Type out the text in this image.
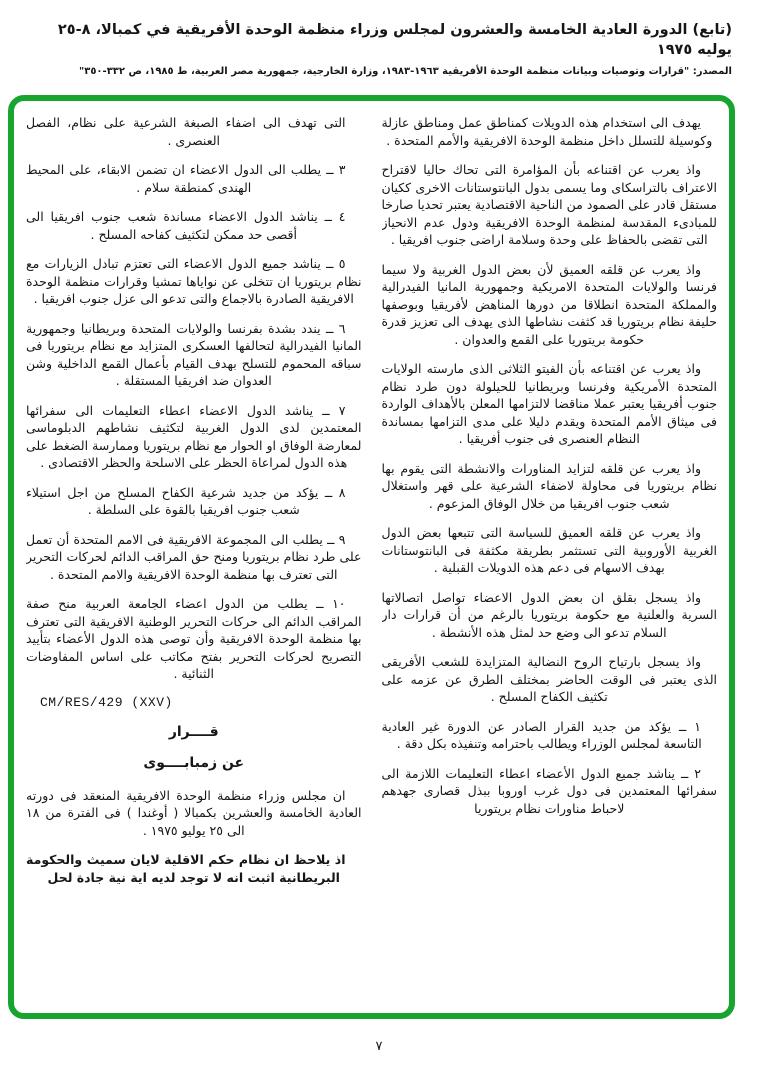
(تابع) الدورة العادية الخامسة والعشرون لمجلس وزراء منظمة الوحدة الأفريقية في كمبالا، ٨-٢٥ يوليه ١٩٧٥
المصدر: "قرارات وتوصيات وبيانات منظمة الوحدة الأفريقية ١٩٦٣-١٩٨٣، وزارة الخارجية، جمهورية مصر العربية، ط ١٩٨٥، ص ٣٣٢-٣٥٠"

يهدف الى استخدام هذه الدويلات كمناطق عمل ومناطق عازلة وكوسيلة للتسلل داخل منظمة الوحدة الافريقية والأمم المتحدة .

واذ يعرب عن اقتناعه بأن المؤامرة التى تحاك حاليا لاقتراح الاعتراف بالتراسكاى وما يسمى بدول البانتوستانات الاخرى ككيان مستقل قادر على الصمود من الناحية الاقتصادية يعتبر تحديا صارخا للمبادىء المقدسة لمنظمة الوحدة الافريقية ودول عدم الانحياز التى تقضى بالحفاظ على وحدة وسلامة اراضى جنوب افريقيا .

واذ يعرب عن قلقه العميق لأن بعض الدول الغربية ولا سيما فرنسا والولايات المتحدة الامريكية وجمهورية المانيا الفيدرالية والمملكة المتحدة انطلاقا من دورها المناهض لأفريقيا وبوصفها حليفة نظام بريتوريا قد كثفت نشاطها الذى يهدف الى تعزيز قدرة حكومة بريتوريا على القمع والعدوان .

واذ يعرب عن اقتناعه بأن الفيتو الثلاثى الذى مارسته الولايات المتحدة الأمريكية وفرنسا وبريطانيا للحيلولة دون طرد نظام جنوب أفريقيا يعتبر عملا مناقضا لالتزامها المعلن بالأهداف الواردة فى ميثاق الأمم المتحدة ويقدم دليلا على مدى التزامها بمساندة النظام العنصرى فى جنوب أفريقيا .

واذ يعرب عن قلقه لتزايد المناورات والانشطة التى يقوم بها نظام بريتوريا فى محاولة لاضفاء الشرعية على قهر واستغلال شعب جنوب افريقيا من خلال الوفاق المزعوم .

واذ يعرب عن قلقه العميق للسياسة التى تتبعها بعض الدول الغربية الأوروبية التى تستثمر بطريقة مكثفة فى البانتوستانات بهدف الاسهام فى دعم هذه الدويلات القبلية .

واذ يسجل بقلق ان بعض الدول الاعضاء تواصل اتصالاتها السرية والعلنية مع حكومة بريتوريا بالرغم من أن قرارات دار السلام تدعو الى وضع حد لمثل هذه الأنشطة .

واذ يسجل بارتياح الروح النضالية المتزايدة للشعب الأفريقى الذى يعتبر فى الوقت الحاضر بمختلف الطرق عن عزمه على تكثيف الكفاح المسلح .

١ ــ يؤكد من جديد القرار الصادر عن الدورة غير العادية التاسعة لمجلس الوزراء ويطالب باحترامه وتنفيذه بكل دقة .

٢ ــ يناشد جميع الدول الأعضاء اعطاء التعليمات اللازمة الى سفرائها المعتمدين فى دول غرب اوروبا ببذل قصارى جهدهم لاحباط مناورات نظام بريتوريا

التى تهدف الى اضفاء الصبغة الشرعية على نظام، الفصل العنصرى .

٣ ــ يطلب الى الدول الاعضاء ان تضمن الابقاء، على المحيط الهندى كمنطقة سلام .

٤ ــ يناشد الدول الاعضاء مساندة شعب جنوب افريقيا الى أقصى حد ممكن لتكثيف كفاحه المسلح .

٥ ــ يناشد جميع الدول الاعضاء التى تعتزم تبادل الزيارات مع نظام بريتوريا ان تتخلى عن نواياها تمشيا وقرارات منظمة الوحدة الافريقية الصادرة بالاجماع والتى تدعو الى عزل جنوب افريقيا .

٦ ــ يندد بشدة بفرنسا والولايات المتحدة وبريطانيا وجمهورية المانيا الفيدرالية لتحالفها العسكرى المتزايد مع نظام بريتوريا فى سباقه المحموم للتسلح بهدف القيام بأعمال القمع الداخلية وشن العدوان ضد افريقيا المستقلة .

٧ ــ يناشد الدول الاعضاء اعطاء التعليمات الى سفرائها المعتمدين لدى الدول الغربية لتكثيف نشاطهم الدبلوماسى لمعارضة الوفاق او الحوار مع نظام بريتوريا وممارسة الضغط على هذه الدول لمراعاة الحظر على الاسلحة والحظر الاقتصادى .

٨ ــ يؤكد من جديد شرعية الكفاح المسلح من اجل استيلاء شعب جنوب افريقيا بالقوة على السلطة .

٩ ــ يطلب الى المجموعة الافريقية فى الامم المتحدة أن تعمل على طرد نظام بريتوريا ومنح حق المراقب الدائم لحركات التحرير التى تعترف بها منظمة الوحدة الافريقية والامم المتحدة .

١٠ ــ يطلب من الدول اعضاء الجامعة العربية منح صفة المراقب الدائم الى حركات التحرير الوطنية الافريقية التى تعترف بها منظمة الوحدة الافريقية وأن توصى هذه الدول الأعضاء بتأييد التصريح لحركات التحرير بفتح مكاتب على اساس المفاوضات الثنائية .

CM/RES/429 (XXV)
قــــرار
عن زمبابــــوى

ان مجلس وزراء منظمة الوحدة الافريقية المنعقد فى دورته العادية الخامسة والعشرين بكمبالا ( أوغندا ) فى الفترة من ١٨ الى ٢٥ يوليو ١٩٧٥ .

اذ يلاحظ ان نظام حكم الاقلية لايان سميث والحكومة البريطانية اثبت انه لا توجد لديه اية نية جادة لحل

٧
